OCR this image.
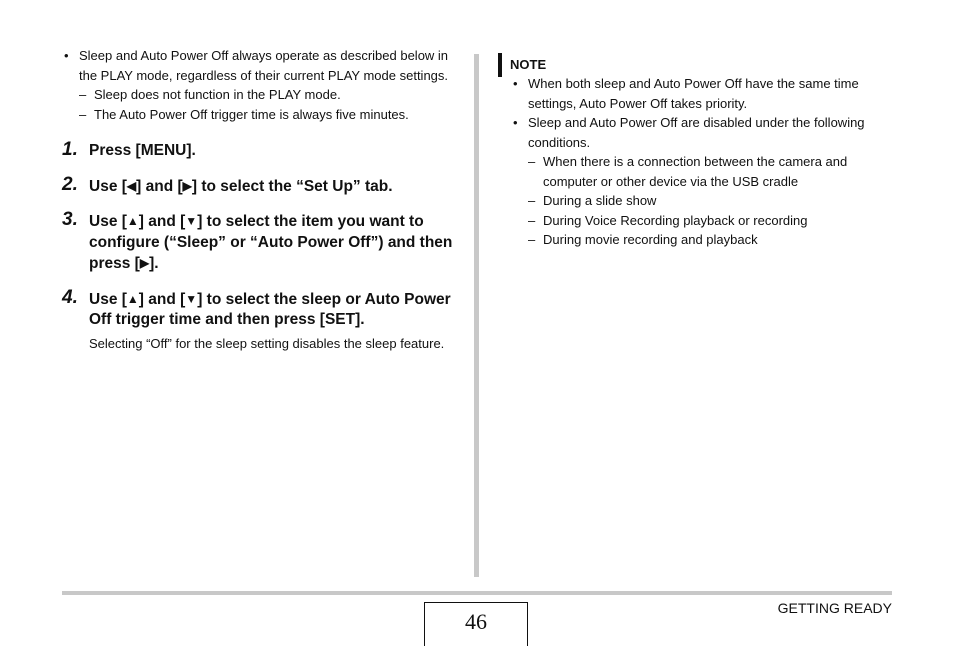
• Sleep and Auto Power Off always operate as described below in the PLAY mode, regardless of their current PLAY mode settings.
– Sleep does not function in the PLAY mode.
– The Auto Power Off trigger time is always five minutes.
1. Press [MENU].
2. Use [◀] and [▶] to select the “Set Up” tab.
3. Use [▲] and [▼] to select the item you want to configure (“Sleep” or “Auto Power Off”) and then press [▶].
4. Use [▲] and [▼] to select the sleep or Auto Power Off trigger time and then press [SET].
Selecting “Off” for the sleep setting disables the sleep feature.
NOTE
• When both sleep and Auto Power Off have the same time settings, Auto Power Off takes priority.
• Sleep and Auto Power Off are disabled under the following conditions.
– When there is a connection between the camera and computer or other device via the USB cradle
– During a slide show
– During Voice Recording playback or recording
– During movie recording and playback
46
GETTING READY
